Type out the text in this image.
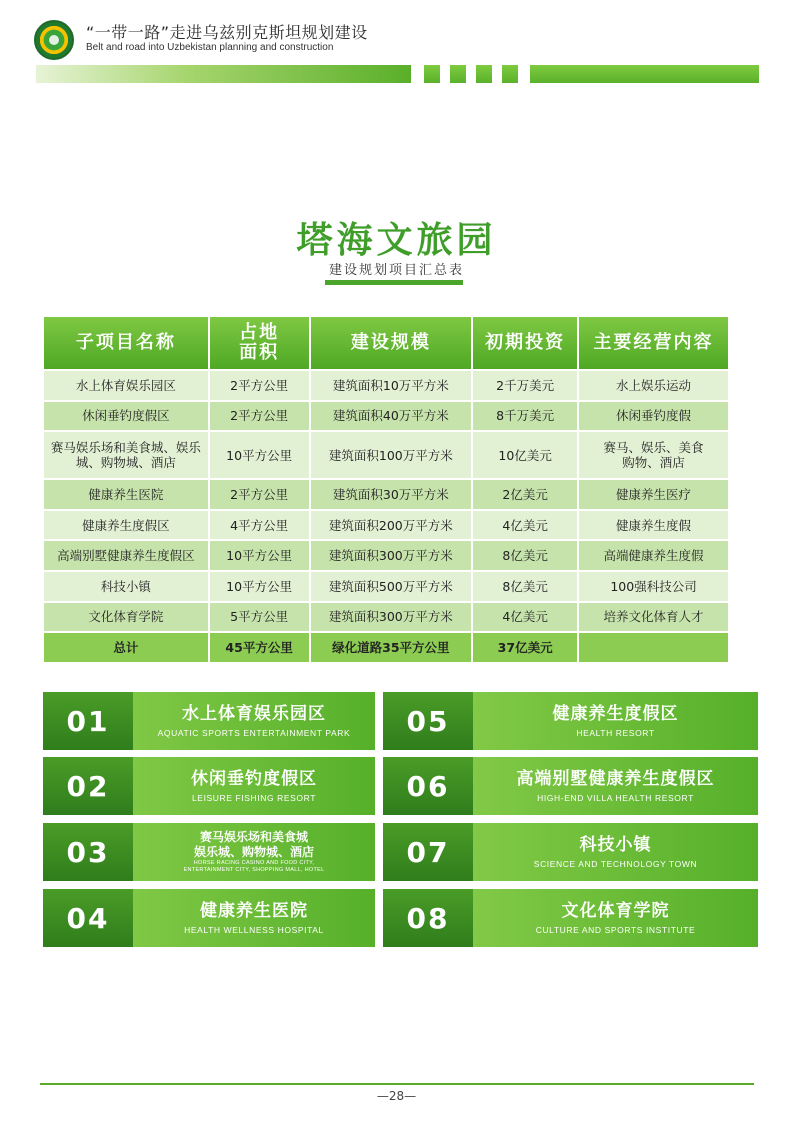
“一带一路”走进乌兹别克斯坦规划建设
Belt and road into Uzbekistan planning and construction
塔海文旅园
建设规划项目汇总表
子项目名称	占地面积	建设规模	初期投资	主要经营内容
水上体育娱乐园区	2平方公里	建筑面积10万平方米	2千万美元	水上娱乐运动
休闲垂钓度假区	2平方公里	建筑面积40万平方米	8千万美元	休闲垂钓度假
赛马娱乐场和美食城、娱乐城、购物城、酒店	10平方公里	建筑面积100万平方米	10亿美元	赛马、娱乐、美食购物、酒店
健康养生医院	2平方公里	建筑面积30万平方米	2亿美元	健康养生医疗
健康养生度假区	4平方公里	建筑面积200万平方米	4亿美元	健康养生度假
高端别墅健康养生度假区	10平方公里	建筑面积300万平方米	8亿美元	高端健康养生度假
科技小镇	10平方公里	建筑面积500万平方米	8亿美元	100强科技公司
文化体育学院	5平方公里	建筑面积300万平方米	4亿美元	培养文化体育人才
总计	45平方公里	绿化道路35平方公里	37亿美元	
01	水上体育娱乐园区
AQUATIC SPORTS ENTERTAINMENT PARK
02	休闲垂钓度假区
LEISURE FISHING RESORT
03	赛马娱乐场和美食城
娱乐城、购物城、酒店
HORSE RACING CASINO AND FOOD CITY,
ENTERTAINMENT CITY, SHOPPING MALL, HOTEL
04	健康养生医院
HEALTH WELLNESS HOSPITAL
05	健康养生度假区
HEALTH RESORT
06	高端别墅健康养生度假区
HIGH-END VILLA HEALTH RESORT
07	科技小镇
SCIENCE AND TECHNOLOGY TOWN
08	文化体育学院
CULTURE AND SPORTS INSTITUTE
—28—
